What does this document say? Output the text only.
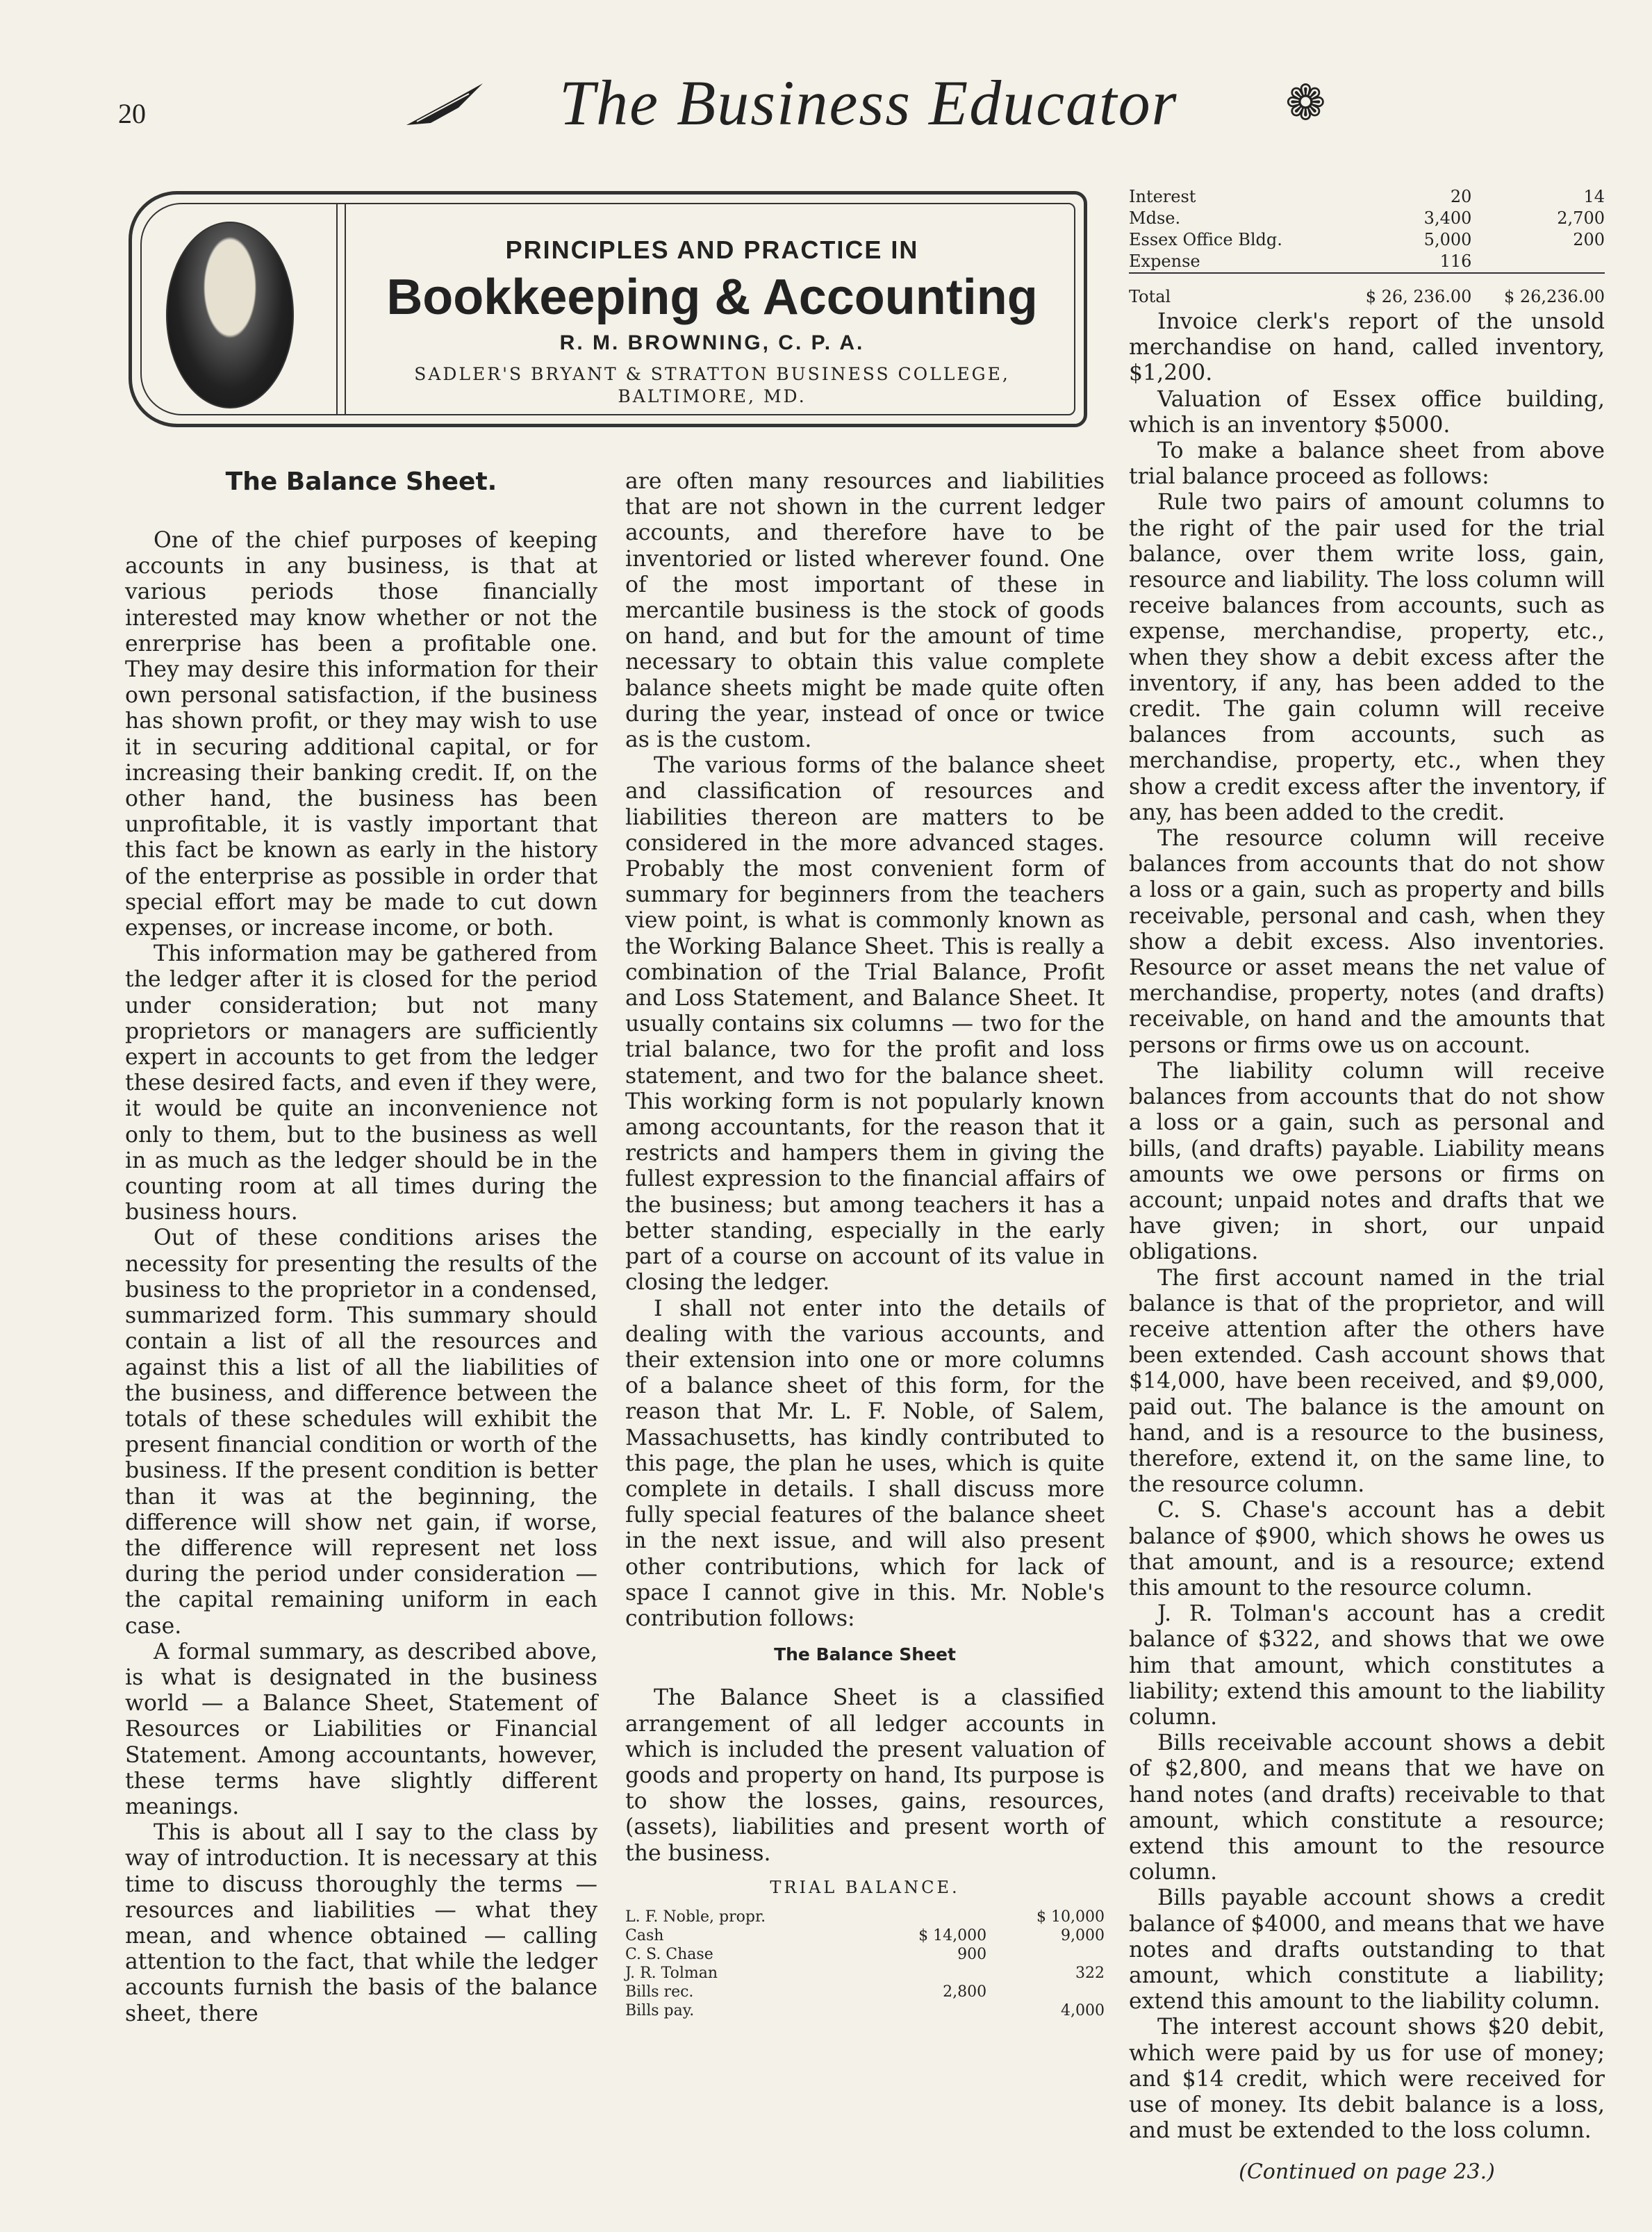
20	The Business Educator ❁
PRINCIPLES AND PRACTICE IN
Bookkeeping & Accounting
R. M. BROWNING, C. P. A.
SADLER'S BRYANT & STRATTON BUSINESS COLLEGE, BALTIMORE, MD.
The Balance Sheet.

One of the chief purposes of keeping accounts in any business, is that at various periods those financially interested may know whether or not the enrerprise has been a profitable one. They may desire this information for their own personal satisfaction, if the business has shown profit, or they may wish to use it in securing additional capital, or for increasing their banking credit. If, on the other hand, the business has been unprofitable, it is vastly important that this fact be known as early in the history of the enterprise as possible in order that special effort may be made to cut down expenses, or increase income, or both.

This information may be gathered from the ledger after it is closed for the period under consideration; but not many proprietors or managers are sufficiently expert in accounts to get from the ledger these desired facts, and even if they were, it would be quite an inconvenience not only to them, but to the business as well in as much as the ledger should be in the counting room at all times during the business hours.

Out of these conditions arises the necessity for presenting the results of the business to the proprietor in a condensed, summarized form. This summary should contain a list of all the resources and against this a list of all the liabilities of the business, and difference between the totals of these schedules will exhibit the present financial condition or worth of the business. If the present condition is better than it was at the beginning, the difference will show net gain, if worse, the difference will represent net loss during the period under consideration — the capital remaining uniform in each case.

A formal summary, as described above, is what is designated in the business world — a Balance Sheet, Statement of Resources or Liabilities or Financial Statement. Among accountants, however, these terms have slightly different meanings.

This is about all I say to the class by way of introduction. It is necessary at this time to discuss thoroughly the terms — resources and liabilities — what they mean, and whence obtained — calling attention to the fact, that while the ledger accounts furnish the basis of the balance sheet, there

are often many resources and liabilities that are not shown in the current ledger accounts, and therefore have to be inventoried or listed wherever found. One of the most important of these in mercantile business is the stock of goods on hand, and but for the amount of time necessary to obtain this value complete balance sheets might be made quite often during the year, instead of once or twice as is the custom.

The various forms of the balance sheet and classification of resources and liabilities thereon are matters to be considered in the more advanced stages. Probably the most convenient form of summary for beginners from the teachers view point, is what is commonly known as the Working Balance Sheet. This is really a combination of the Trial Balance, Profit and Loss Statement, and Balance Sheet. It usually contains six columns — two for the trial balance, two for the profit and loss statement, and two for the balance sheet. This working form is not popularly known among accountants, for the reason that it restricts and hampers them in giving the fullest expression to the financial affairs of the business; but among teachers it has a better standing, especially in the early part of a course on account of its value in closing the ledger.

I shall not enter into the details of dealing with the various accounts, and their extension into one or more columns of a balance sheet of this form, for the reason that Mr. L. F. Noble, of Salem, Massachusetts, has kindly contributed to this page, the plan he uses, which is quite complete in details. I shall discuss more fully special features of the balance sheet in the next issue, and will also present other contributions, which for lack of space I cannot give in this. Mr. Noble's contribution follows:

The Balance Sheet

The Balance Sheet is a classified arrangement of all ledger accounts in which is included the present valuation of goods and property on hand, Its purpose is to show the losses, gains, resources, (assets), liabilities and present worth of the business.

TRIAL BALANCE.
L. F. Noble, propr.		$ 10,000
Cash	$ 14,000	9,000
C. S. Chase	900	
J. R. Tolman		322
Bills rec.	2,800	
Bills pay.		4,000
Interest	20	14
Mdse.	3,400	2,700
Essex Office Bldg.	5,000	200
Expense	116	

Total	$ 26, 236.00	$ 26,236.00

Invoice clerk's report of the unsold merchandise on hand, called inventory, $1,200.

Valuation of Essex office building, which is an inventory $5000.

To make a balance sheet from above trial balance proceed as follows:

Rule two pairs of amount columns to the right of the pair used for the trial balance, over them write loss, gain, resource and liability. The loss column will receive balances from accounts, such as expense, merchandise, property, etc., when they show a debit excess after the inventory, if any, has been added to the credit. The gain column will receive balances from accounts, such as merchandise, property, etc., when they show a credit excess after the inventory, if any, has been added to the credit.

The resource column will receive balances from accounts that do not show a loss or a gain, such as property and bills receivable, personal and cash, when they show a debit excess. Also inventories. Resource or asset means the net value of merchandise, property, notes (and drafts) receivable, on hand and the amounts that persons or firms owe us on account.

The liability column will receive balances from accounts that do not show a loss or a gain, such as personal and bills, (and drafts) payable. Liability means amounts we owe persons or firms on account; unpaid notes and drafts that we have given; in short, our unpaid obligations.

The first account named in the trial balance is that of the proprietor, and will receive attention after the others have been extended. Cash account shows that $14,000, have been received, and $9,000, paid out. The balance is the amount on hand, and is a resource to the business, therefore, extend it, on the same line, to the resource column.

C. S. Chase's account has a debit balance of $900, which shows he owes us that amount, and is a resource; extend this amount to the resource column.

J. R. Tolman's account has a credit balance of $322, and shows that we owe him that amount, which constitutes a liability; extend this amount to the liability column.

Bills receivable account shows a debit of $2,800, and means that we have on hand notes (and drafts) receivable to that amount, which constitute a resource; extend this amount to the resource column.

Bills payable account shows a credit balance of $4000, and means that we have notes and drafts outstanding to that amount, which constitute a liability; extend this amount to the liability column.

The interest account shows $20 debit, which were paid by us for use of money; and $14 credit, which were received for use of money. Its debit balance is a loss, and must be extended to the loss column.

(Continued on page 23.)
